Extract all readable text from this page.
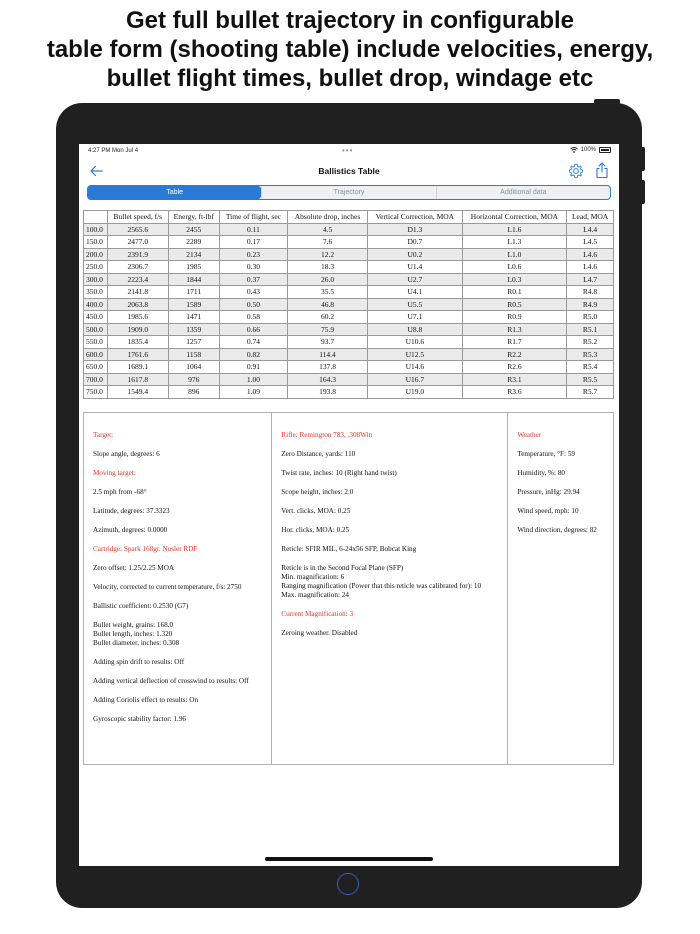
Get full bullet trajectory in configurable
table form (shooting table) include velocities, energy,
bullet flight times, bullet drop, windage etc
4:27 PM Mon Jul 4	•••	100%
Ballistics Table
Table	Trajectory	Additional data
	Bullet speed, f/s	Energy, ft-lbf	Time of flight, sec	Absolute drop, inches	Vertical Correction, MOA	Horizontal Correction, MOA	Lead, MOA
100.0	2565.6	2455	0.11	4.5	D1.3	L1.6	L4.4
150.0	2477.0	2289	0.17	7.6	D0.7	L1.3	L4.5
200.0	2391.9	2134	0.23	12.2	U0.2	L1.0	L4.6
250.0	2306.7	1985	0.30	18.3	U1.4	L0.6	L4.6
300.0	2223.4	1844	0.37	26.0	U2.7	L0.3	L4.7
350.0	2141.8	1711	0.43	35.5	U4.1	R0.1	R4.8
400.0	2063.8	1589	0.50	46.8	U5.5	R0.5	R4.9
450.0	1985.6	1471	0.58	60.2	U7.1	R0.9	R5.0
500.0	1909.0	1359	0.66	75.9	U8.8	R1.3	R5.1
550.0	1835.4	1257	0.74	93.7	U10.6	R1.7	R5.2
600.0	1761.6	1158	0.82	114.4	U12.5	R2.2	R5.3
650.0	1689.1	1064	0.91	137.8	U14.6	R2.6	R5.4
700.0	1617.8	976	1.00	164.3	U16.7	R3.1	R5.5
750.0	1549.4	896	1.09	193.8	U19.0	R3.6	R5.7
Target:
Slope angle, degrees: 6
Moving target:
2.5 mph from -68°
Latitude, degrees: 37.3323
Azimuth, degrees: 0.0000
Cartridge: Spark 168gr. Nosler RDF
Zero offset: 1.25/2.25 MOA
Velocity, corrected to current temperature, f/s: 2750
Ballistic coefficient: 0.2530 (G7)
Bullet weight, grains: 168.0
Bullet length, inches: 1.320
Bullet diameter, inches: 0.308
Adding spin drift to results: Off
Adding vertical deflection of crosswind to results: Off
Adding Coriolis effect to results: On
Gyroscopic stability factor: 1.96
Rifle: Remington 783, .308Win
Zero Distance, yards: 110
Twist rate, inches: 10 (Right hand twist)
Scope height, inches: 2.0
Vert. clicks, MOA: 0.25
Hor. clicks, MOA: 0.25
Reticle: SFIR MIL, 6-24x56 SFP, Bobcat King
Reticle is in the Second Focal Plane (SFP)
Min. magnification: 6
Ranging magnification (Power that this reticle was calibrated for): 10
Max. magnification: 24
Current Magnification: 3
Zeroing weather. Disabled
Weather
Temperature, °F: 59
Humidity, %: 80
Pressure, inHg: 29.94
Wind speed, mph: 10
Wind direction, degrees: 82
